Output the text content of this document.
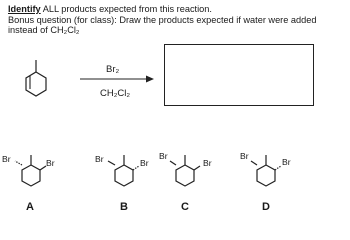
Identify ALL products expected from this reaction.
Bonus question (for class): Draw the products expected if water were added
instead of CH₂Cl₂
Br₂
CH₂Cl₂
Br	Br	Br	Br
Br
Br
Br
Br
A	B	C	D
